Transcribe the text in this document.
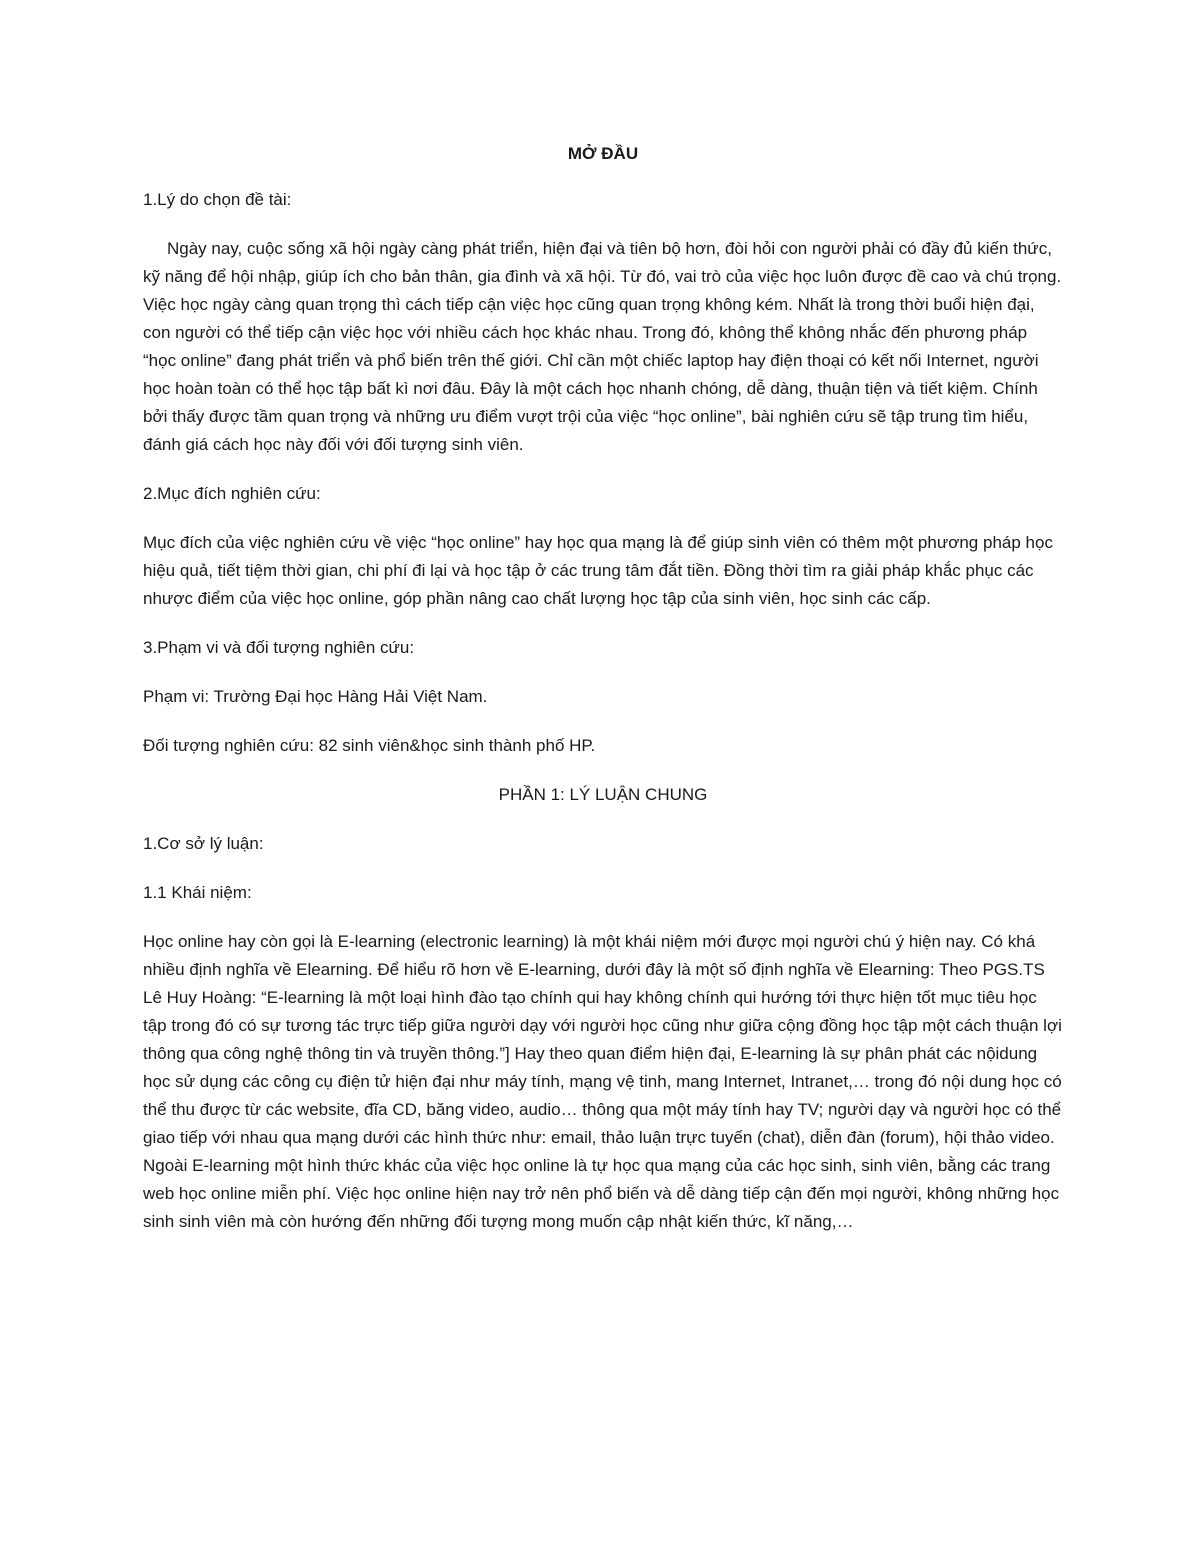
MỞ ĐẦU

1.Lý do chọn đề tài:

Ngày nay, cuộc sống xã hội ngày càng phát triển, hiện đại và tiên bộ hơn, đòi hỏi con người phải có đầy đủ kiến thức, kỹ năng để hội nhập, giúp ích cho bản thân, gia đình và xã hội. Từ đó, vai trò của việc học luôn được đề cao và chú trọng. Việc học ngày càng quan trọng thì cách tiếp cận việc học cũng quan trọng không kém. Nhất là trong thời buổi hiện đại, con người có thể tiếp cận việc học với nhiều cách học khác nhau. Trong đó, không thể không nhắc đến phương pháp “học online” đang phát triển và phổ biến trên thế giới. Chỉ cần một chiếc laptop hay điện thoại có kết nối Internet, người học hoàn toàn có thể học tập bất kì nơi đâu. Đây là một cách học nhanh chóng, dễ dàng, thuận tiện và tiết kiệm. Chính bởi thấy được tầm quan trọng và những ưu điểm vượt trội của việc “học online”, bài nghiên cứu sẽ tập trung tìm hiểu, đánh giá cách học này đối với đối tượng sinh viên.

2.Mục đích nghiên cứu:

Mục đích của việc nghiên cứu về việc “học online” hay học qua mạng là để giúp sinh viên có thêm một phương pháp học hiệu quả, tiết tiệm thời gian, chi phí đi lại và học tập ở các trung tâm đắt tiền. Đồng thời tìm ra giải pháp khắc phục các nhược điểm của việc học online, góp phần nâng cao chất lượng học tập của sinh viên, học sinh các cấp.

3.Phạm vi và đối tượng nghiên cứu:

Phạm vi: Trường Đại học Hàng Hải Việt Nam.

Đối tượng nghiên cứu: 82 sinh viên&học sinh thành phố HP.

PHẦN 1: LÝ LUẬN CHUNG

1.Cơ sở lý luận:

1.1 Khái niệm:

Học online hay còn gọi là E-learning (electronic learning) là một khái niệm mới được mọi người chú ý hiện nay. Có khá nhiều định nghĩa về Elearning. Để hiểu rõ hơn về E-learning, dưới đây là một số định nghĩa về Elearning: Theo PGS.TS Lê Huy Hoàng: “E-learning là một loại hình đào tạo chính qui hay không chính qui hướng tới thực hiện tốt mục tiêu học tập trong đó có sự tương tác trực tiếp giữa người dạy với người học cũng như giữa cộng đồng học tập một cách thuận lợi thông qua công nghệ thông tin và truyền thông.”] Hay theo quan điểm hiện đại, E-learning là sự phân phát các nộidung học sử dụng các công cụ điện tử hiện đại như máy tính, mạng vệ tinh, mang Internet, Intranet,… trong đó nội dung học có thể thu được từ các website, đĩa CD, băng video, audio… thông qua một máy tính hay TV; người dạy và người học có thể giao tiếp với nhau qua mạng dưới các hình thức như: email, thảo luận trực tuyến (chat), diễn đàn (forum), hội thảo video. Ngoài E-learning một hình thức khác của việc học online là tự học qua mạng của các học sinh, sinh viên, bằng các trang web học online miễn phí. Việc học online hiện nay trở nên phổ biến và dễ dàng tiếp cận đến mọi người, không những học sinh sinh viên mà còn hướng đến những đối tượng mong muốn cập nhật kiến thức, kĩ năng,…
